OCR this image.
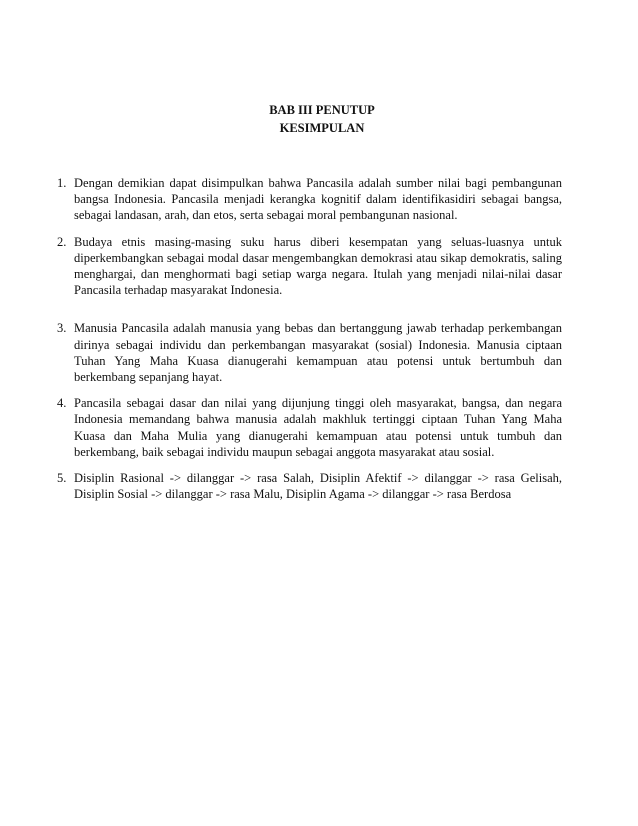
BAB III PENUTUP
KESIMPULAN
1. Dengan demikian dapat disimpulkan bahwa Pancasila adalah sumber nilai bagi pembangunan bangsa Indonesia. Pancasila menjadi kerangka kognitif dalam identifikasidiri sebagai bangsa, sebagai landasan, arah, dan etos, serta sebagai moral pembangunan nasional.
2. Budaya etnis masing-masing suku harus diberi kesempatan yang seluas-luasnya untuk diperkembangkan sebagai modal dasar mengembangkan demokrasi atau sikap demokratis, saling menghargai, dan menghormati bagi setiap warga negara. Itulah yang menjadi nilai-nilai dasar Pancasila terhadap masyarakat Indonesia.
3. Manusia Pancasila adalah manusia yang bebas dan bertanggung jawab terhadap perkembangan dirinya sebagai individu dan perkembangan masyarakat (sosial) Indonesia. Manusia ciptaan Tuhan Yang Maha Kuasa dianugerahi kemampuan atau potensi untuk bertumbuh dan berkembang sepanjang hayat.
4. Pancasila sebagai dasar dan nilai yang dijunjung tinggi oleh masyarakat, bangsa, dan negara Indonesia memandang bahwa manusia adalah makhluk tertinggi ciptaan Tuhan Yang Maha Kuasa dan Maha Mulia yang dianugerahi kemampuan atau potensi untuk tumbuh dan berkembang, baik sebagai individu maupun sebagai anggota masyarakat atau sosial.
5. Disiplin Rasional -> dilanggar -> rasa Salah, Disiplin Afektif -> dilanggar -> rasa Gelisah, Disiplin Sosial -> dilanggar -> rasa Malu, Disiplin Agama -> dilanggar -> rasa Berdosa
